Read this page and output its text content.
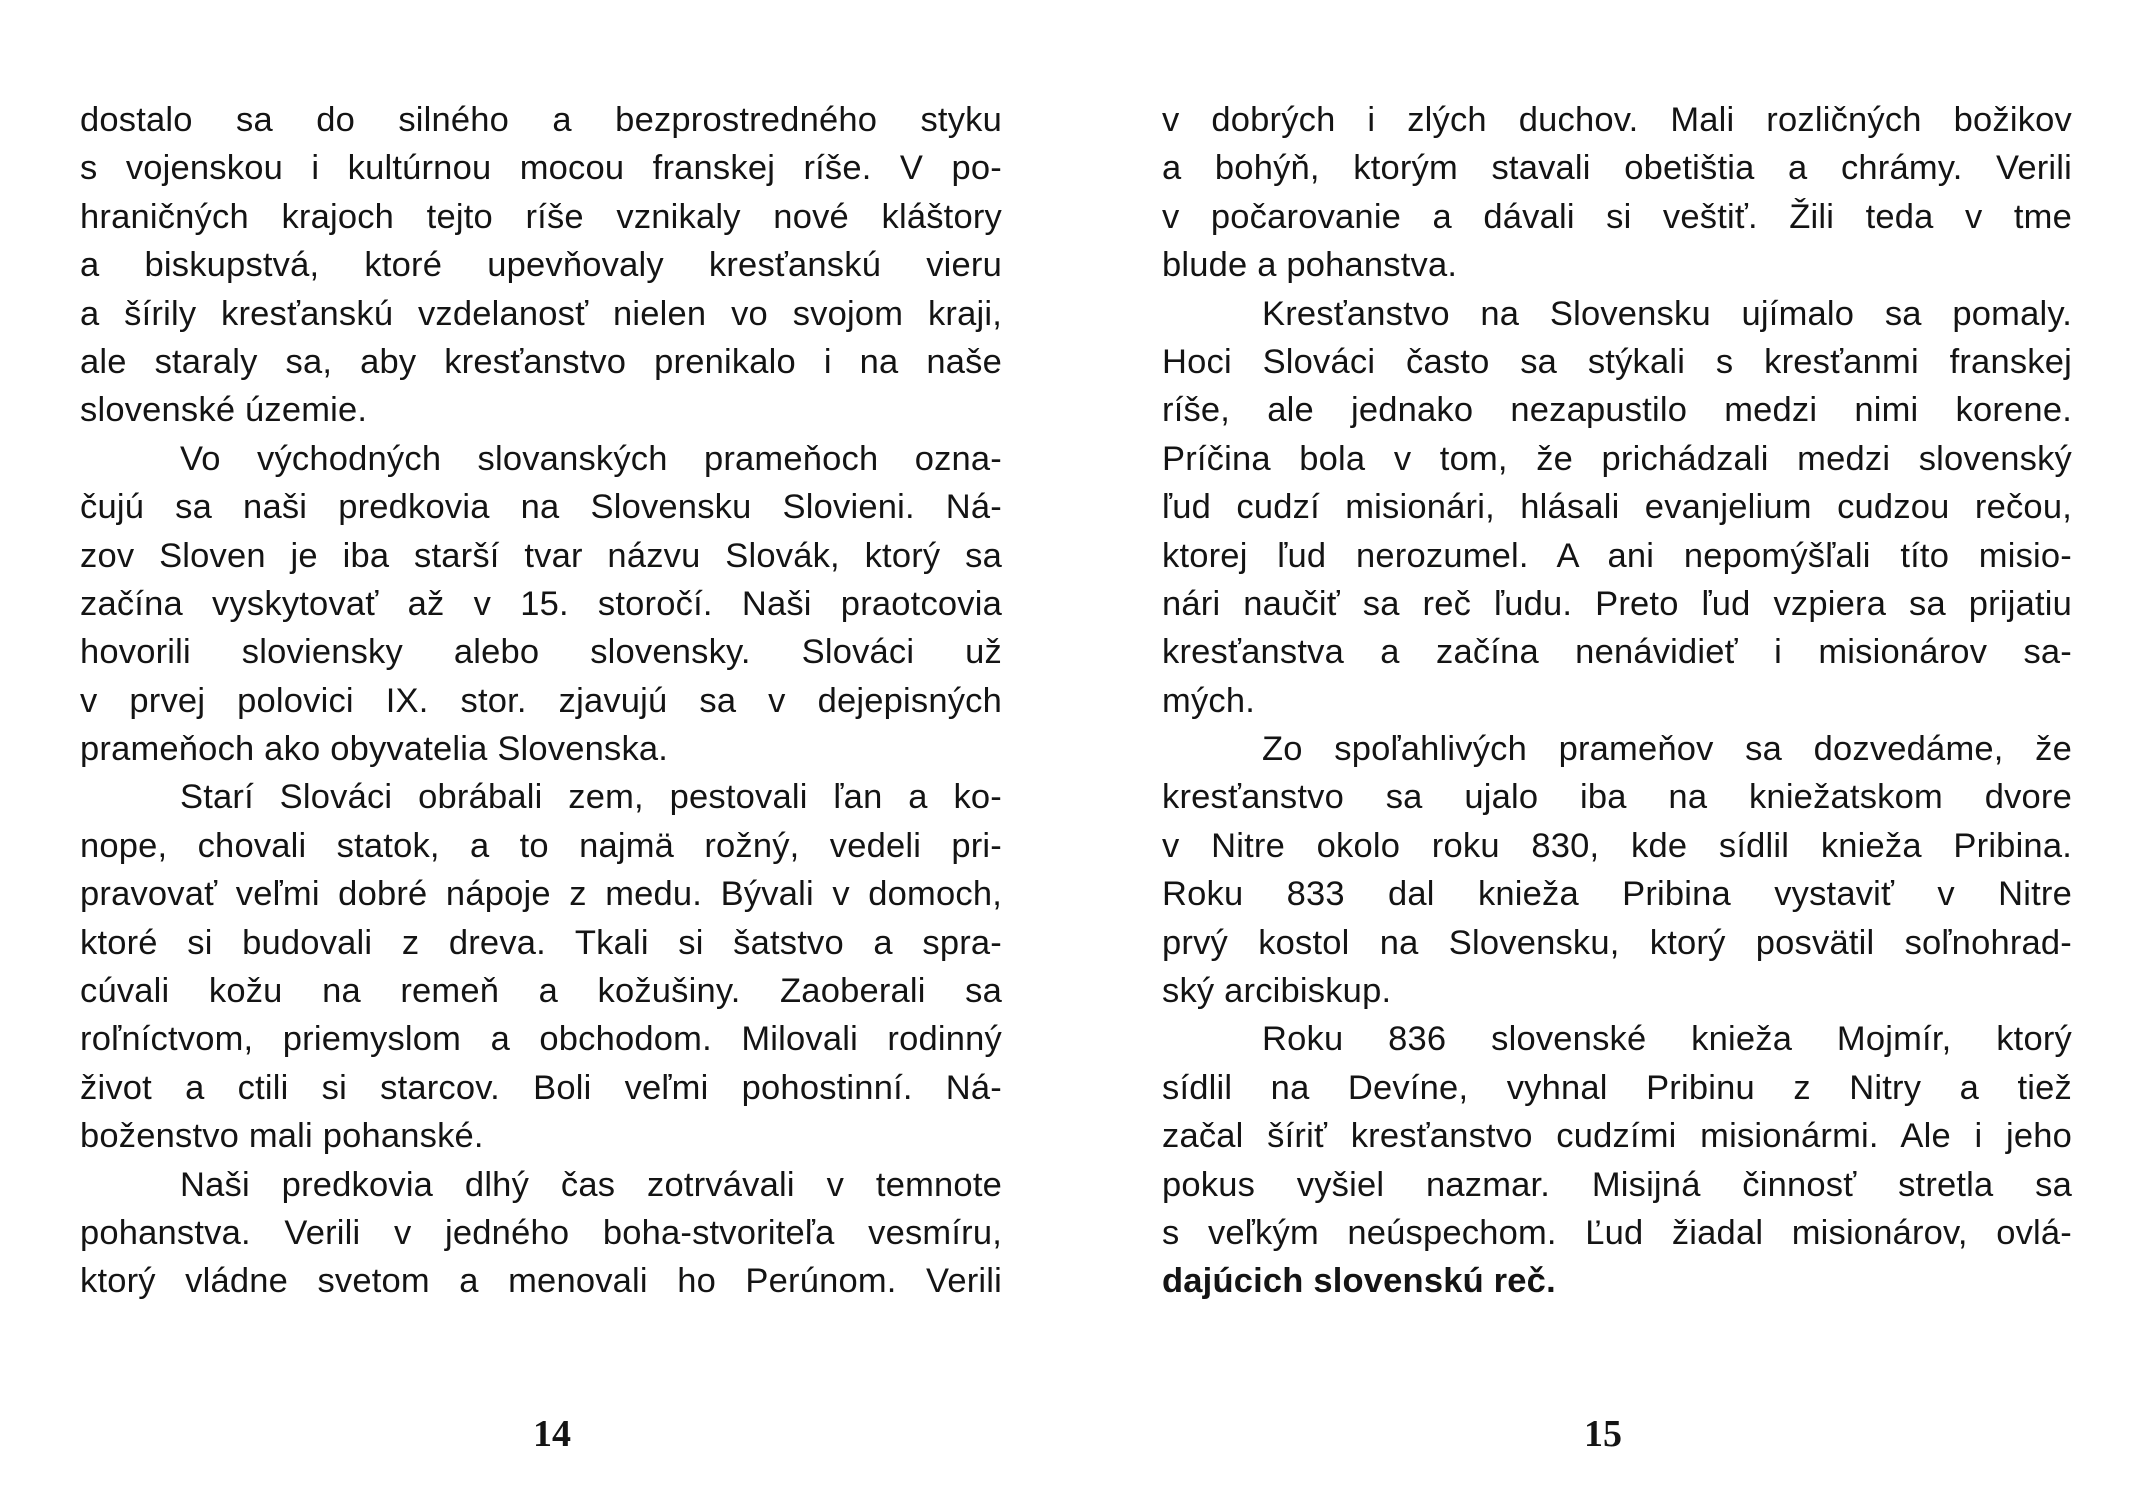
dostalo sa do silného a bezprostredného styku
s vojenskou i kultúrnou mocou franskej ríše. V po-
hraničných krajoch tejto ríše vznikaly nové kláštory
a biskupstvá, ktoré upevňovaly kresťanskú vieru
a šírily kresťanskú vzdelanosť nielen vo svojom kraji,
ale staraly sa, aby kresťanstvo prenikalo i na naše
slovenské územie.
Vo východných slovanských prameňoch ozna-
čujú sa naši predkovia na Slovensku Slovieni. Ná-
zov Sloven je iba starší tvar názvu Slovák, ktorý sa
začína vyskytovať až v 15. storočí. Naši praotcovia
hovorili sloviensky alebo slovensky. Slováci už
v prvej polovici IX. stor. zjavujú sa v dejepisných
prameňoch ako obyvatelia Slovenska.
Starí Slováci obrábali zem, pestovali ľan a ko-
nope, chovali statok, a to najmä rožný, vedeli pri-
pravovať veľmi dobré nápoje z medu. Bývali v domoch,
ktoré si budovali z dreva. Tkali si šatstvo a spra-
cúvali kožu na remeň a kožušiny. Zaoberali sa
roľníctvom, priemyslom a obchodom. Milovali rodinný
život a ctili si starcov. Boli veľmi pohostinní. Ná-
boženstvo mali pohanské.
Naši predkovia dlhý čas zotrvávali v temnote
pohanstva. Verili v jedného boha-stvoriteľa vesmíru,
ktorý vládne svetom a menovali ho Perúnom. Verili
14
v dobrých i zlých duchov. Mali rozličných božikov
a bohýň, ktorým stavali obetištia a chrámy. Verili
v počarovanie a dávali si veštiť. Žili teda v tme
blude a pohanstva.
Kresťanstvo na Slovensku ujímalo sa pomaly.
Hoci Slováci často sa stýkali s kresťanmi franskej
ríše, ale jednako nezapustilo medzi nimi korene.
Príčina bola v tom, že prichádzali medzi slovenský
ľud cudzí misionári, hlásali evanjelium cudzou rečou,
ktorej ľud nerozumel. A ani nepomýšľali títo misio-
nári naučiť sa reč ľudu. Preto ľud vzpiera sa prijatiu
kresťanstva a začína nenávidieť i misionárov sa-
mých.
Zo spoľahlivých prameňov sa dozvedáme, že
kresťanstvo sa ujalo iba na kniežatskom dvore
v Nitre okolo roku 830, kde sídlil knieža Pribina.
Roku 833 dal knieža Pribina vystaviť v Nitre
prvý kostol na Slovensku, ktorý posvätil soľnohrad-
ský arcibiskup.
Roku 836 slovenské knieža Mojmír, ktorý
sídlil na Devíne, vyhnal Pribinu z Nitry a tiež
začal šíriť kresťanstvo cudzími misionármi. Ale i jeho
pokus vyšiel nazmar. Misijná činnosť stretla sa
s veľkým neúspechom. Ľud žiadal misionárov, ovlá-
dajúcich slovenskú reč.
15
